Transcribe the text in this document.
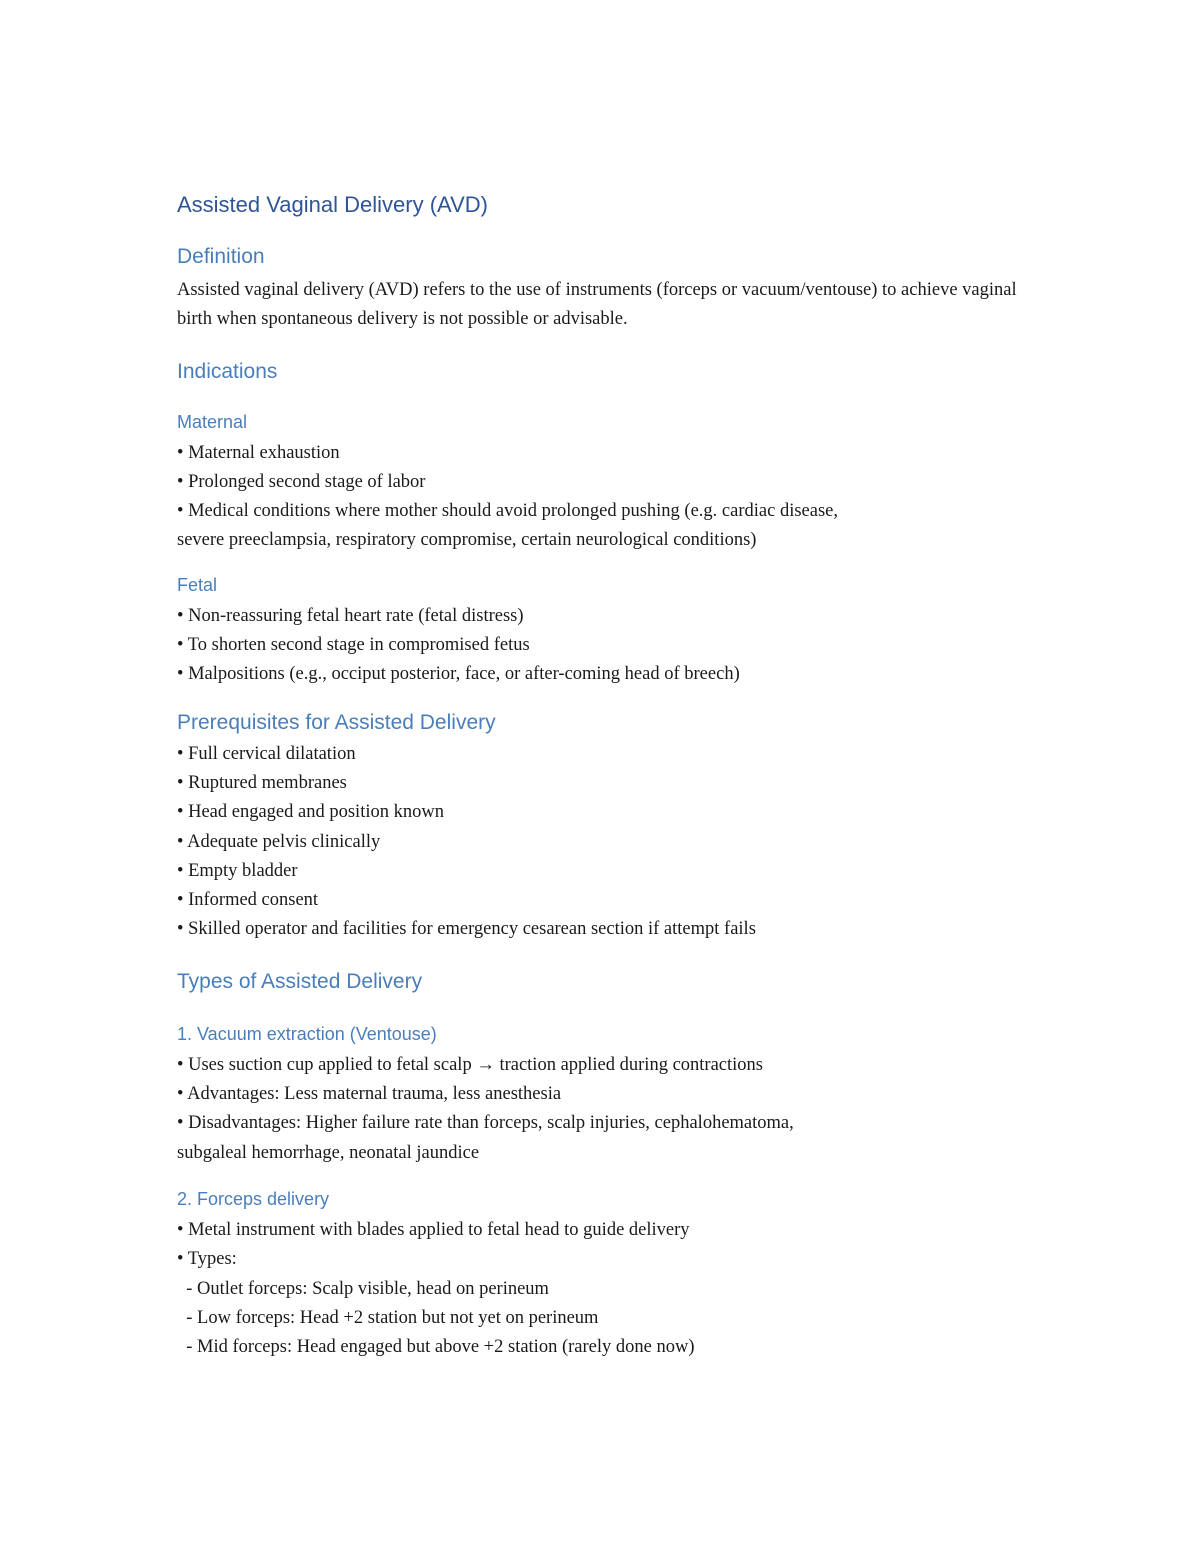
Assisted Vaginal Delivery (AVD)
Definition

Assisted vaginal delivery (AVD) refers to the use of instruments (forceps or vacuum/ventouse) to achieve vaginal birth when spontaneous delivery is not possible or advisable.

Indications
Maternal

• Maternal exhaustion

• Prolonged second stage of labor

• Medical conditions where mother should avoid prolonged pushing (e.g. cardiac disease,

severe preeclampsia, respiratory compromise, certain neurological conditions)

Fetal

• Non-reassuring fetal heart rate (fetal distress)

• To shorten second stage in compromised fetus

• Malpositions (e.g., occiput posterior, face, or after-coming head of breech)

Prerequisites for Assisted Delivery

• Full cervical dilatation

• Ruptured membranes

• Head engaged and position known

• Adequate pelvis clinically

• Empty bladder

• Informed consent

• Skilled operator and facilities for emergency cesarean section if attempt fails

Types of Assisted Delivery
1. Vacuum extraction (Ventouse)

• Uses suction cup applied to fetal scalp → traction applied during contractions

• Advantages: Less maternal trauma, less anesthesia

• Disadvantages: Higher failure rate than forceps, scalp injuries, cephalohematoma,

subgaleal hemorrhage, neonatal jaundice

2. Forceps delivery

• Metal instrument with blades applied to fetal head to guide delivery

• Types:

- Outlet forceps: Scalp visible, head on perineum

- Low forceps: Head +2 station but not yet on perineum

- Mid forceps: Head engaged but above +2 station (rarely done now)
